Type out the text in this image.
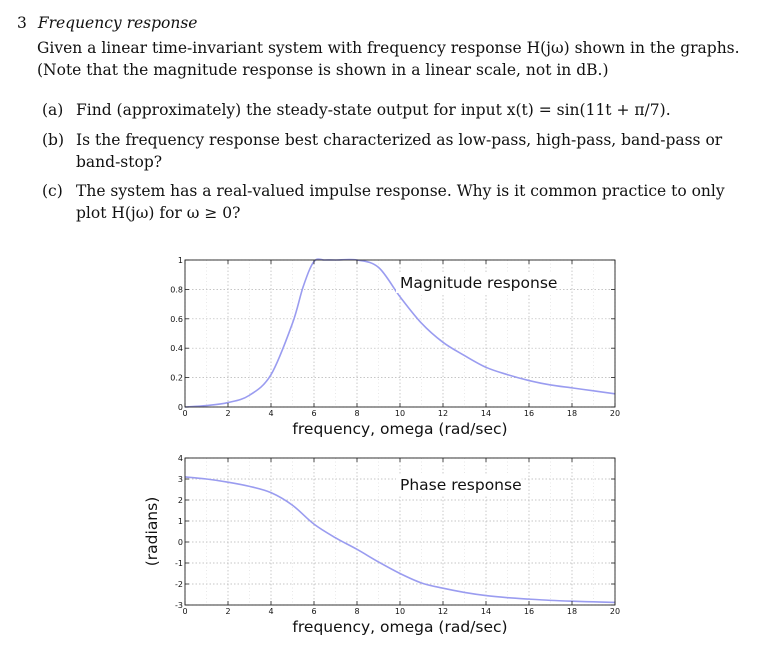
3 Frequency response
Given a linear time-invariant system with frequency response H(jω) shown in the graphs.
(Note that the magnitude response is shown in a linear scale, not in dB.)
(a) Find (approximately) the steady-state output for input x(t) = sin(11t + π/7).
(b) Is the frequency response best characterized as low-pass, high-pass, band-pass or
band-stop?
(c) The system has a real-valued impulse response. Why is it common practice to only
plot H(jω) for ω ≥ 0?
0	2	4	6	8	10	12	14	16	18	20
0
0.2
0.4
0.6
0.8
1
Magnitude response
frequency, omega (rad/sec)
0	2	4	6	8	10	12	14	16	18	20
-3
-2
-1
0
1
2
3
4
Phase response
frequency, omega (rad/sec)
(radians)
